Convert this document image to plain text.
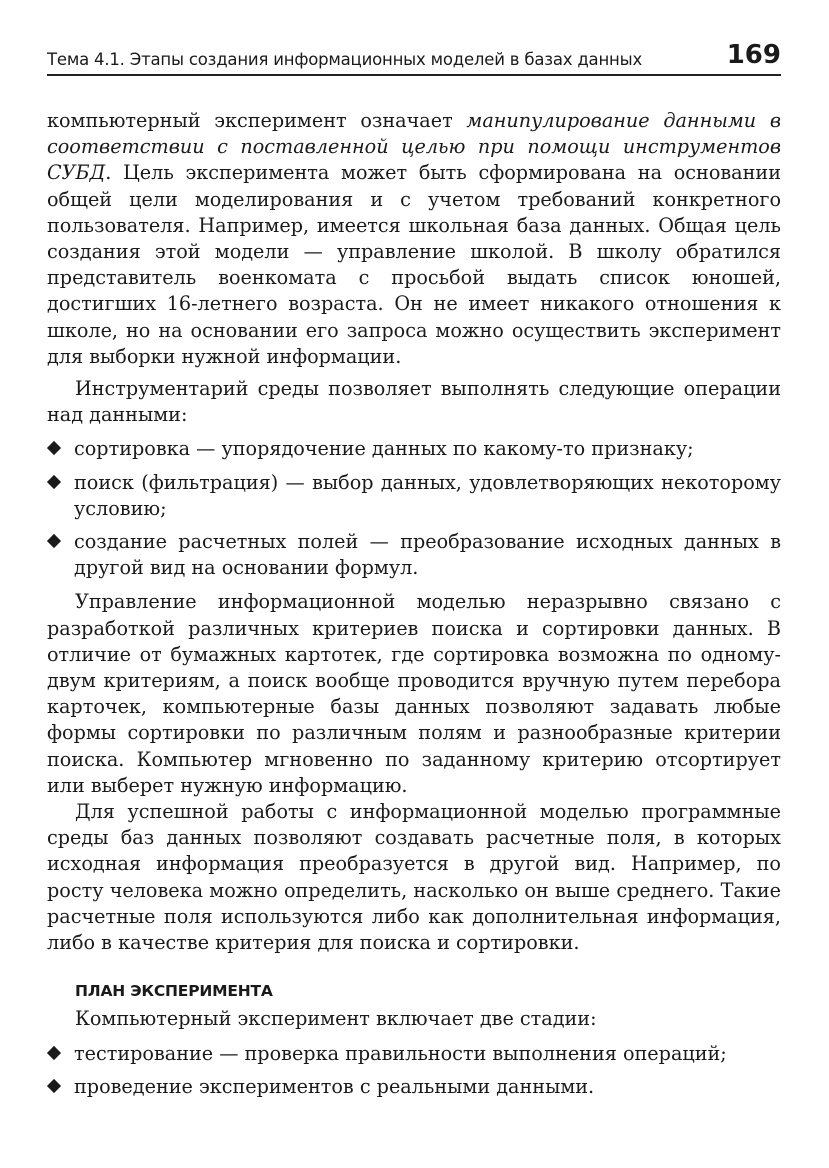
Тема 4.1. Этапы создания информационных моделей в базах данных	169

компьютерный эксперимент означает манипулирование данными в соответствии с поставленной целью при помощи инструментов СУБД. Цель эксперимента может быть сформирована на основании общей цели моделирования и с учетом требований конкретного пользователя. Например, имеется школьная база данных. Общая цель создания этой модели — управление школой. В школу обратился представитель военкомата с просьбой выдать список юношей, достигших 16-летнего возраста. Он не имеет никакого отношения к школе, но на основании его запроса можно осуществить эксперимент для выборки нужной информации.

Инструментарий среды позволяет выполнять следующие операции над данными:

сортировка — упорядочение данных по какому-то признаку;
поиск (фильтрация) — выбор данных, удовлетворяющих некоторому условию;
создание расчетных полей — преобразование исходных данных в другой вид на основании формул.

Управление информационной моделью неразрывно связано с разработкой различных критериев поиска и сортировки данных. В отличие от бумажных картотек, где сортировка возможна по одному-двум критериям, а поиск вообще проводится вручную путем перебора карточек, компьютерные базы данных позволяют задавать любые формы сортировки по различным полям и разнообразные критерии поиска. Компьютер мгновенно по заданному критерию отсортирует или выберет нужную информацию.

Для успешной работы с информационной моделью программные среды баз данных позволяют создавать расчетные поля, в которых исходная информация преобразуется в другой вид. Например, по росту человека можно определить, насколько он выше среднего. Такие расчетные поля используются либо как дополнительная информация, либо в качестве критерия для поиска и сортировки.

ПЛАН ЭКСПЕРИМЕНТА

Компьютерный эксперимент включает две стадии:

тестирование — проверка правильности выполнения операций;
проведение экспериментов с реальными данными.
